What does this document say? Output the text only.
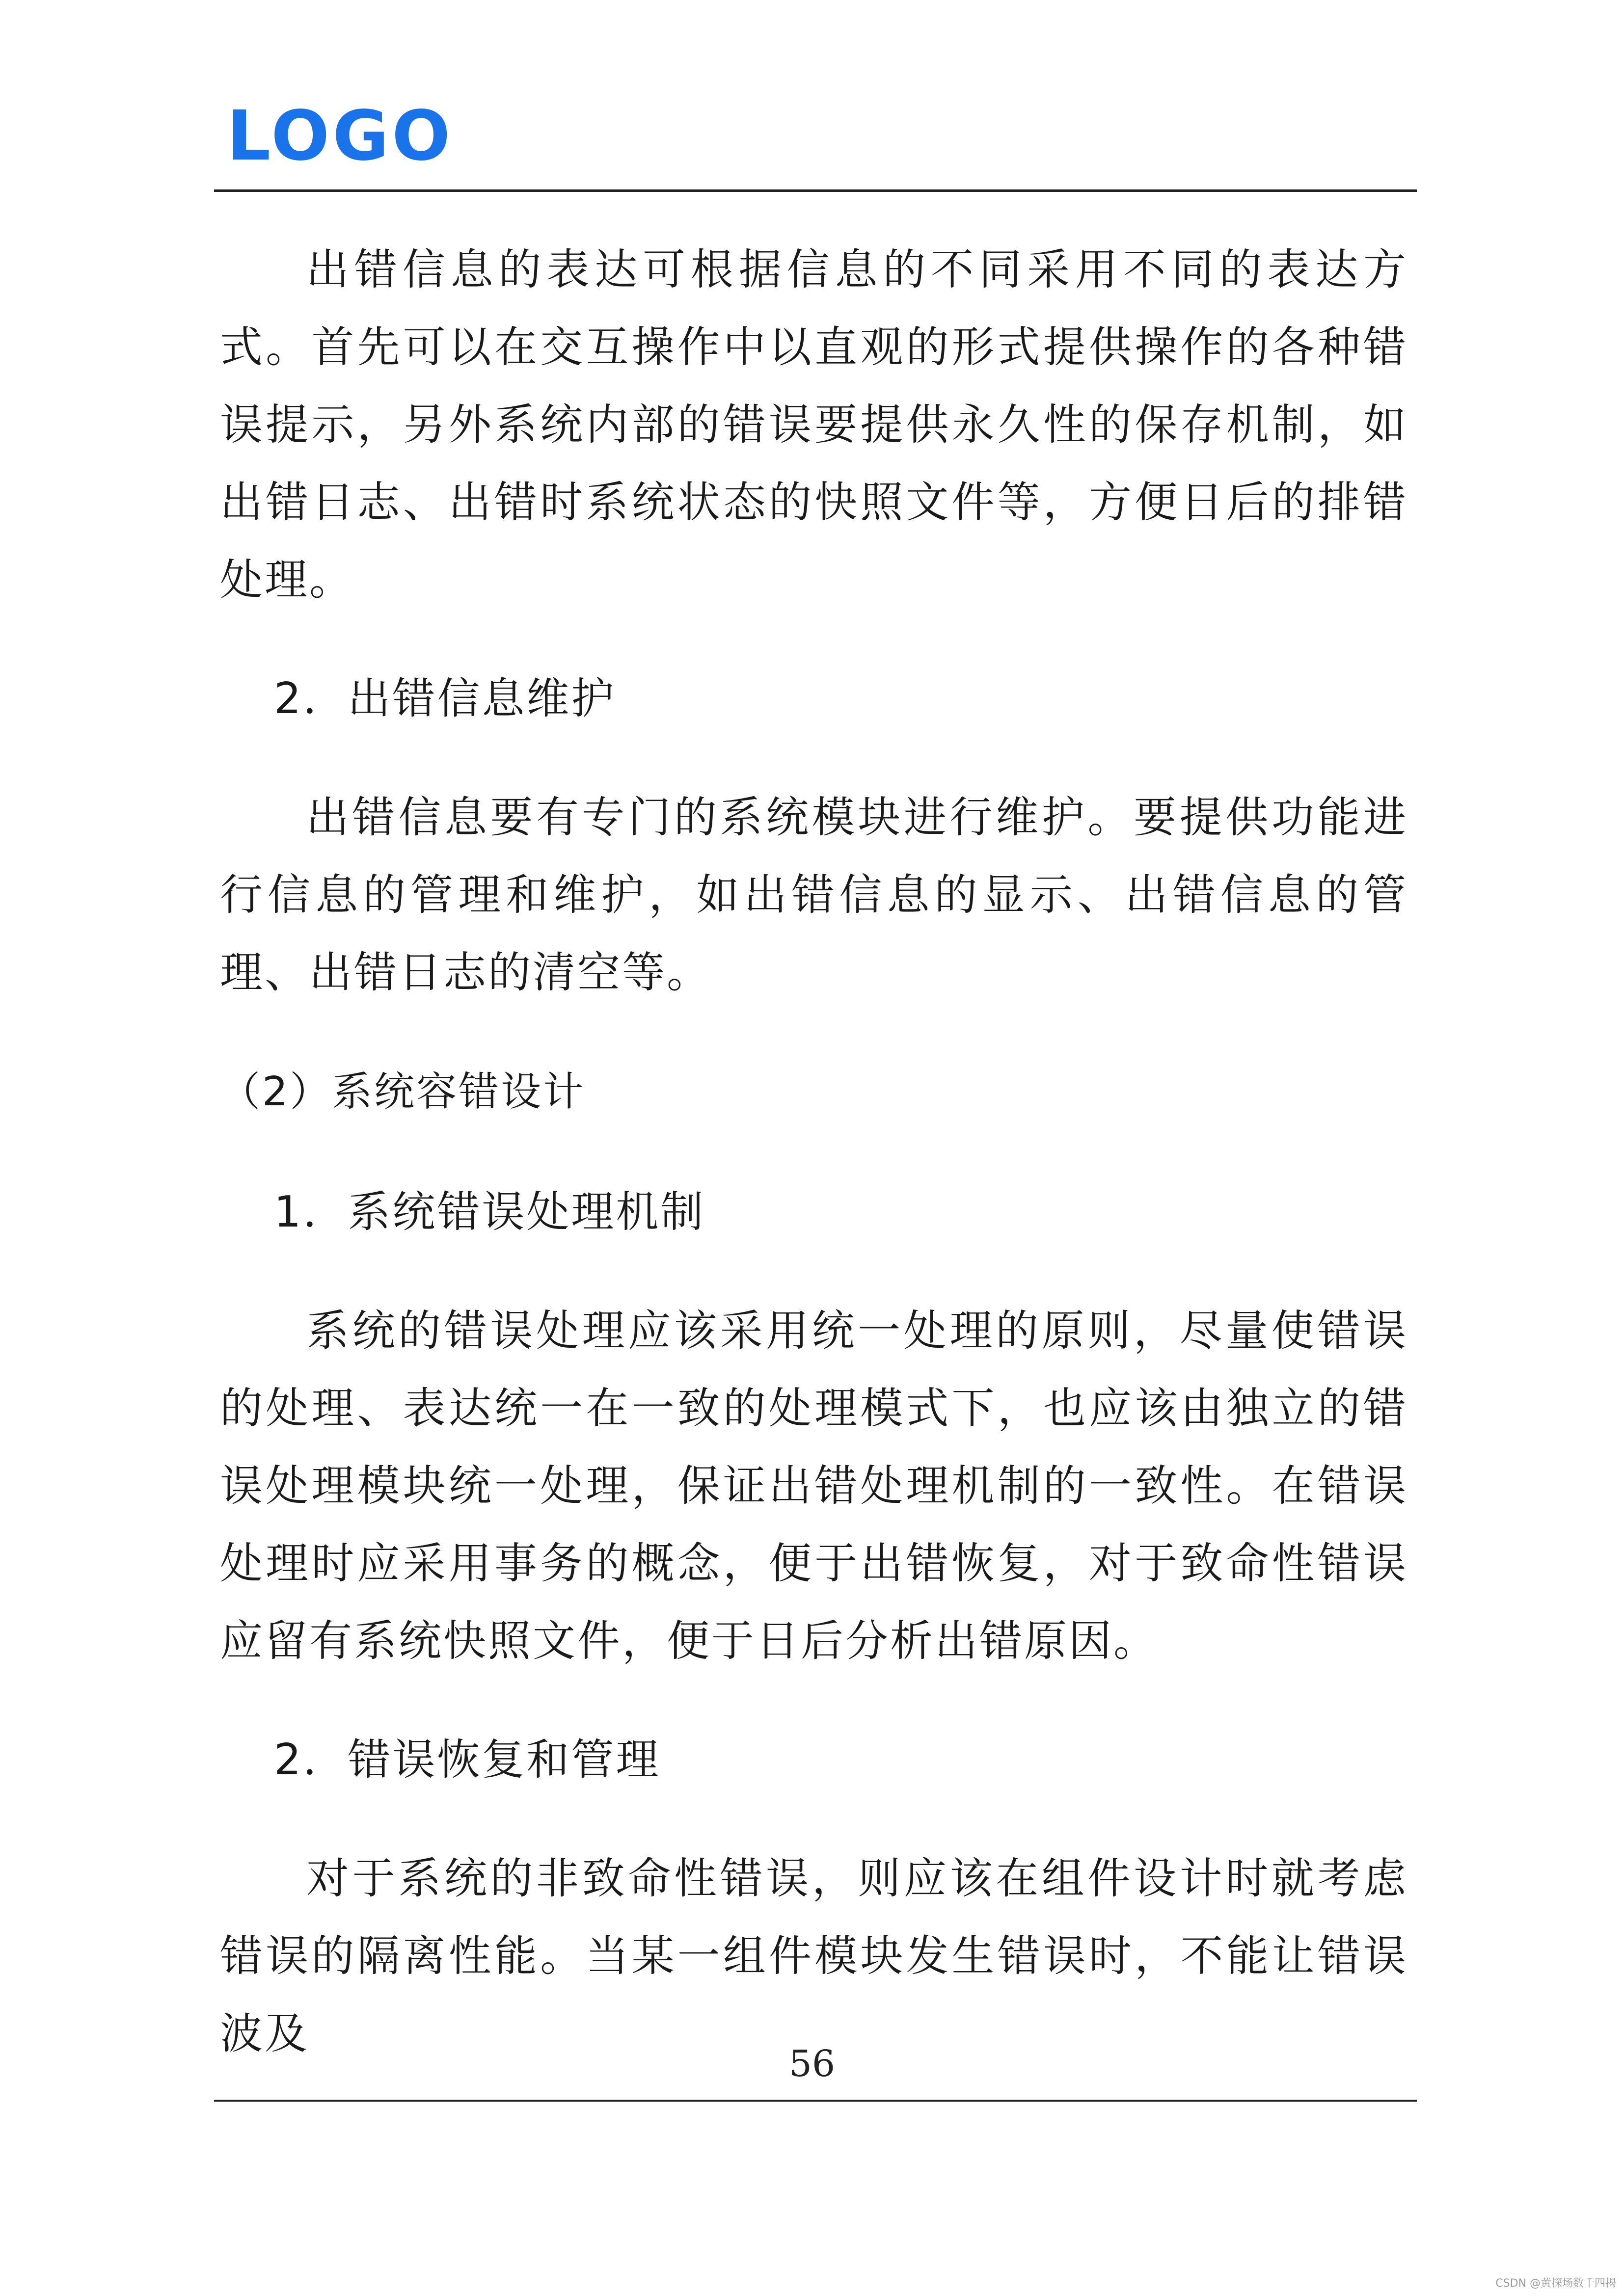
LOGO

出错信息的表达可根据信息的不同采用不同的表达方式。首先可以在交互操作中以直观的形式提供操作的各种错误提示，另外系统内部的错误要提供永久性的保存机制，如出错日志、出错时系统状态的快照文件等，方便日后的排错处理。

2．出错信息维护

出错信息要有专门的系统模块进行维护。要提供功能进行信息的管理和维护，如出错信息的显示、出错信息的管理、出错日志的清空等。

（2）系统容错设计

1．系统错误处理机制

系统的错误处理应该采用统一处理的原则，尽量使错误的处理、表达统一在一致的处理模式下，也应该由独立的错误处理模块统一处理，保证出错处理机制的一致性。在错误处理时应采用事务的概念，便于出错恢复，对于致命性错误应留有系统快照文件，便于日后分析出错原因。

2．错误恢复和管理

对于系统的非致命性错误，则应该在组件设计时就考虑错误的隔离性能。当某一组件模块发生错误时，不能让错误波及

56
CSDN @黄探场数千四揭
